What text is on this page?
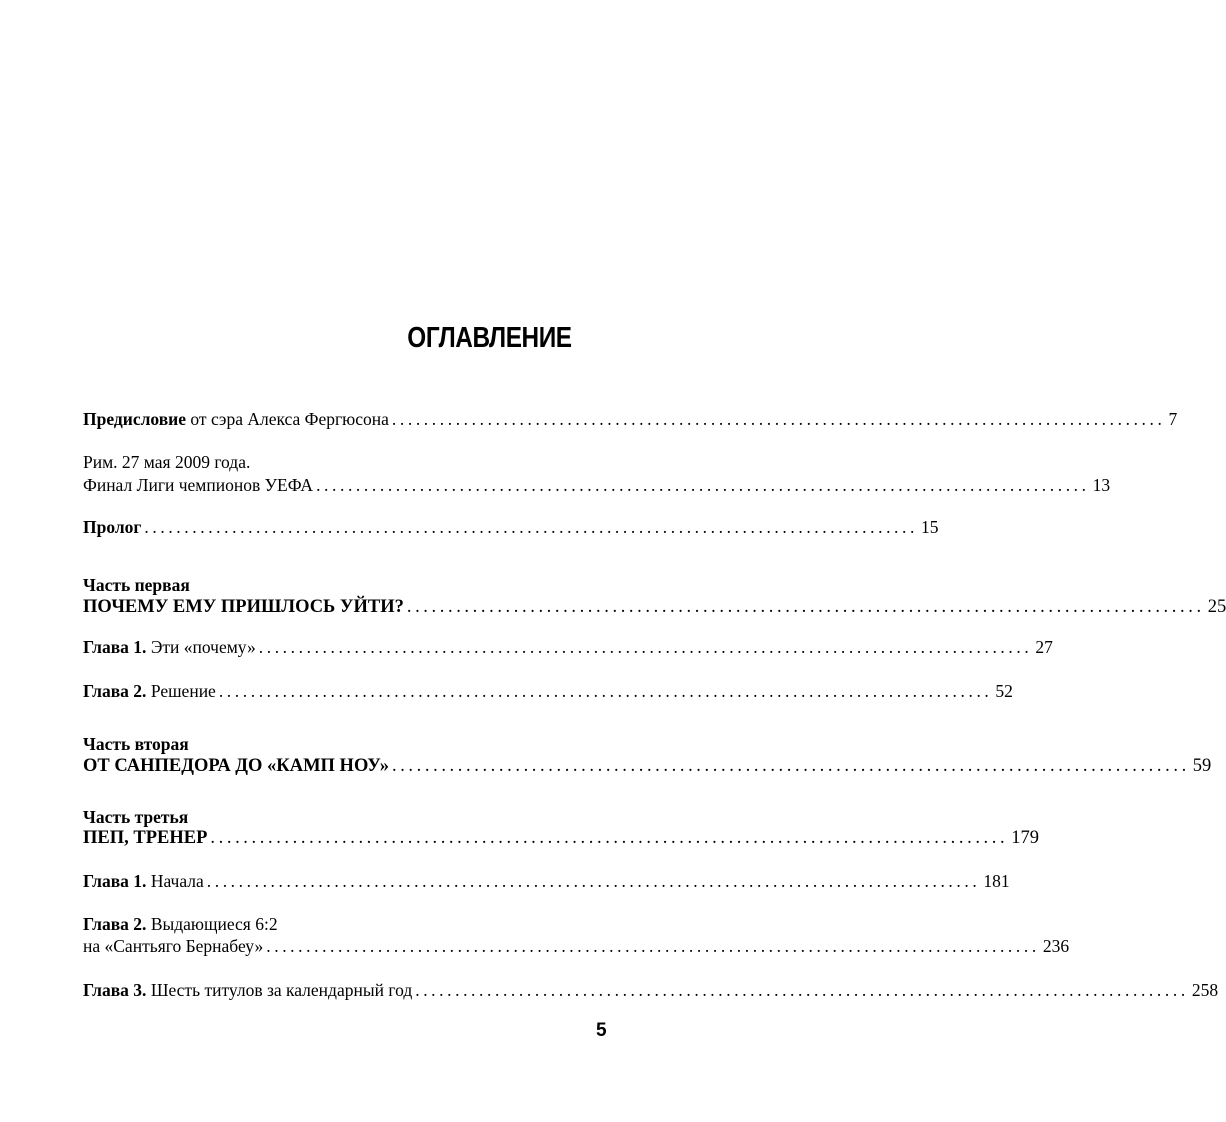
ОГЛАВЛЕНИЕ
Предисловие от сэра Алекса Фергюсона ................................................................................................. 7
Рим. 27 мая 2009 года.
Финал Лиги чемпионов УЕФА ................................................................................................. 13
Пролог ................................................................................................. 15
Часть первая
ПОЧЕМУ ЕМУ ПРИШЛОСЬ УЙТИ? ................................................................................................. 25
Глава 1. Эти «почему» ................................................................................................. 27
Глава 2. Решение ................................................................................................. 52
Часть вторая
ОТ САНПЕДОРА ДО «КАМП НОУ» ................................................................................................. 59
Часть третья
ПЕП, ТРЕНЕР ................................................................................................. 179
Глава 1. Начала ................................................................................................. 181
Глава 2. Выдающиеся 6:2
на «Сантьяго Бернабеу» ................................................................................................. 236
Глава 3. Шесть титулов за календарный год ................................................................................................. 258
5
